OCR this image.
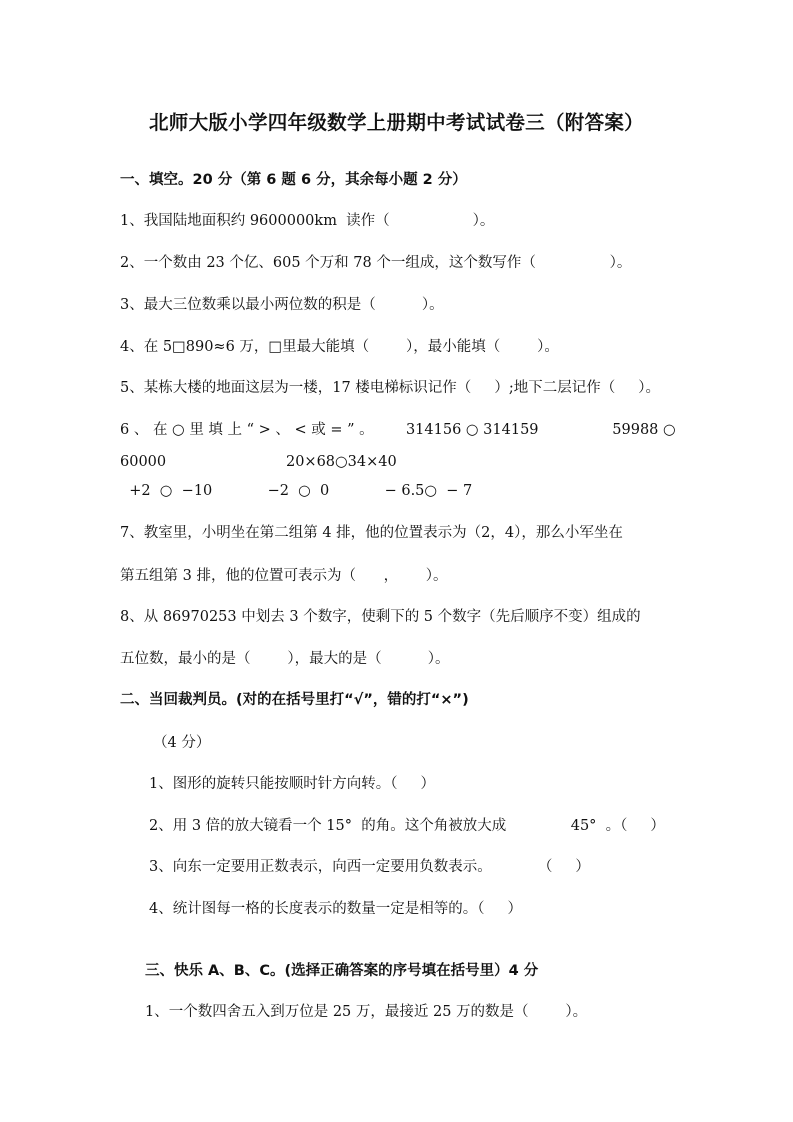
北师大版小学四年级数学上册期中考试试卷三（附答案）
一、填空。20 分（第 6 题 6 分，其余每小题 2 分）
1、我国陆地面积约 9600000km  读作（                  ）。
2、一个数由 23 个亿、605 个万和 78 个一组成，这个数写作（                ）。
3、最大三位数乘以最小两位数的积是（          ）。
4、在 5□890≈6 万，□里最大能填（        ），最小能填（        ）。
5、某栋大楼的地面这层为一楼，17 楼电梯标识记作（     ）;地下二层记作（     ）。
6 、 在 ○ 里 填 上 “ > 、 < 或 = ” 。       314156 ○ 314159                59988 ○
60000                          20×68○34×40
+2  ○  −10            −2  ○  0            − 6.5○  − 7
7、教室里，小明坐在第二组第 4 排，他的位置表示为（2，4），那么小军坐在
第五组第 3 排，他的位置可表示为（      ，      ）。
8、从 86970253 中划去 3 个数字，使剩下的 5 个数字（先后顺序不变）组成的
五位数，最小的是（        ），最大的是（          ）。
二、当回裁判员。(对的在括号里打“√”，错的打“×”)
（4 分）
1、图形的旋转只能按顺时针方向转。（     ）
2、用 3 倍的放大镜看一个 15°  的角。这个角被放大成              45°  。（     ）
3、向东一定要用正数表示，向西一定要用负数表示。          （     ）
4、统计图每一格的长度表示的数量一定是相等的。（     ）
三、快乐 A、B、C。(选择正确答案的序号填在括号里）4 分
1、一个数四舍五入到万位是 25 万，最接近 25 万的数是（        ）。
